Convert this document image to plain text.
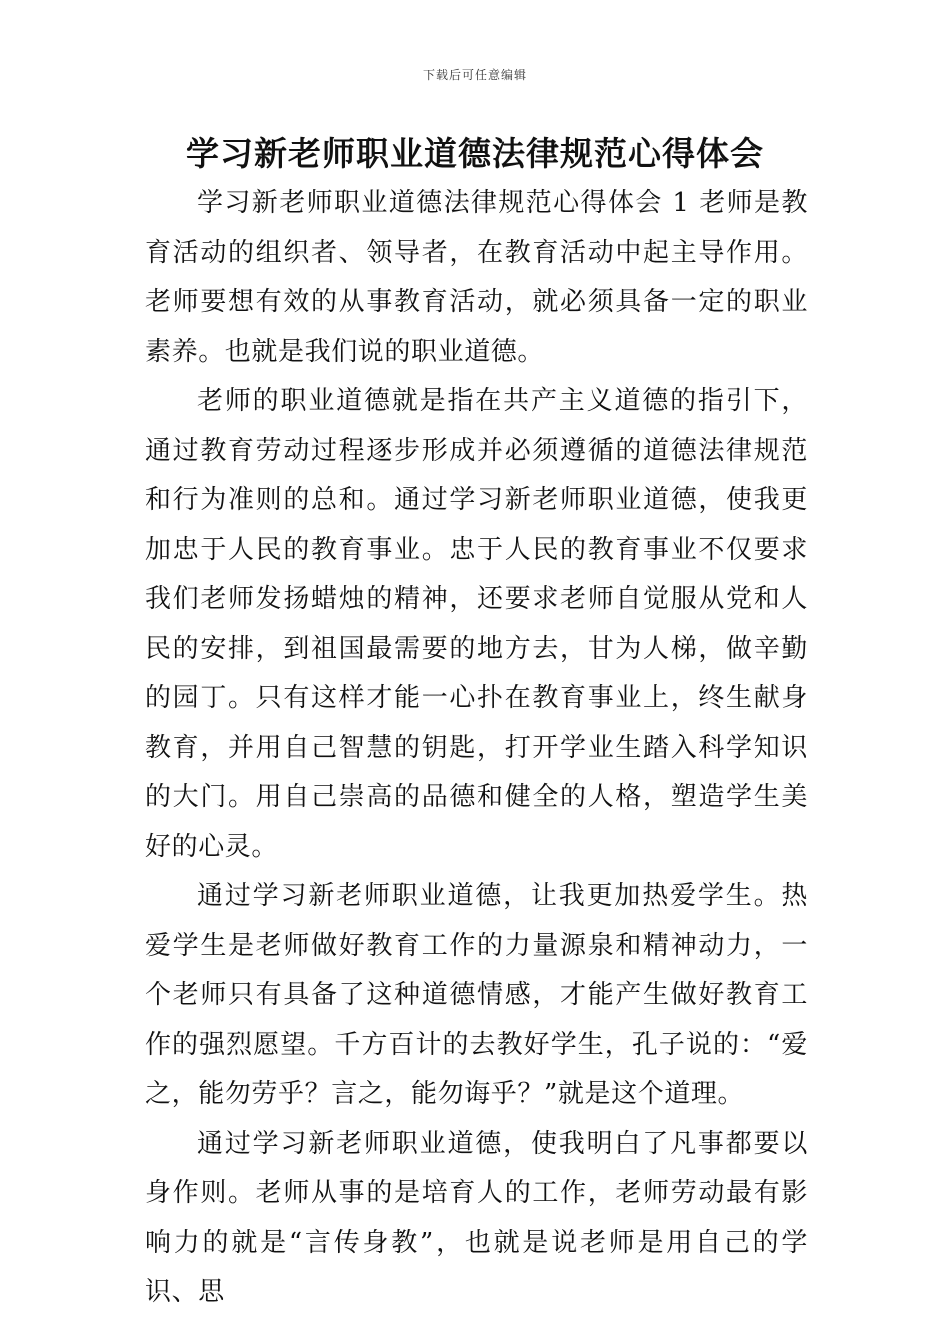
下载后可任意编辑
学习新老师职业道德法律规范心得体会

学习新老师职业道德法律规范心得体会 1 老师是教育活动的组织者、领导者，在教育活动中起主导作用。老师要想有效的从事教育活动，就必须具备一定的职业素养。也就是我们说的职业道德。

老师的职业道德就是指在共产主义道德的指引下，通过教育劳动过程逐步形成并必须遵循的道德法律规范和行为准则的总和。通过学习新老师职业道德，使我更加忠于人民的教育事业。忠于人民的教育事业不仅要求我们老师发扬蜡烛的精神，还要求老师自觉服从党和人民的安排，到祖国最需要的地方去，甘为人梯，做辛勤的园丁。只有这样才能一心扑在教育事业上，终生献身教育，并用自己智慧的钥匙，打开学业生踏入科学知识的大门。用自己崇高的品德和健全的人格，塑造学生美好的心灵。

通过学习新老师职业道德，让我更加热爱学生。热爱学生是老师做好教育工作的力量源泉和精神动力，一个老师只有具备了这种道德情感，才能产生做好教育工作的强烈愿望。千方百计的去教好学生，孔子说的：“爱之，能勿劳乎？言之，能勿诲乎？”就是这个道理。

通过学习新老师职业道德，使我明白了凡事都要以身作则。老师从事的是培育人的工作，老师劳动最有影响力的就是“言传身教”，也就是说老师是用自己的学识、思
